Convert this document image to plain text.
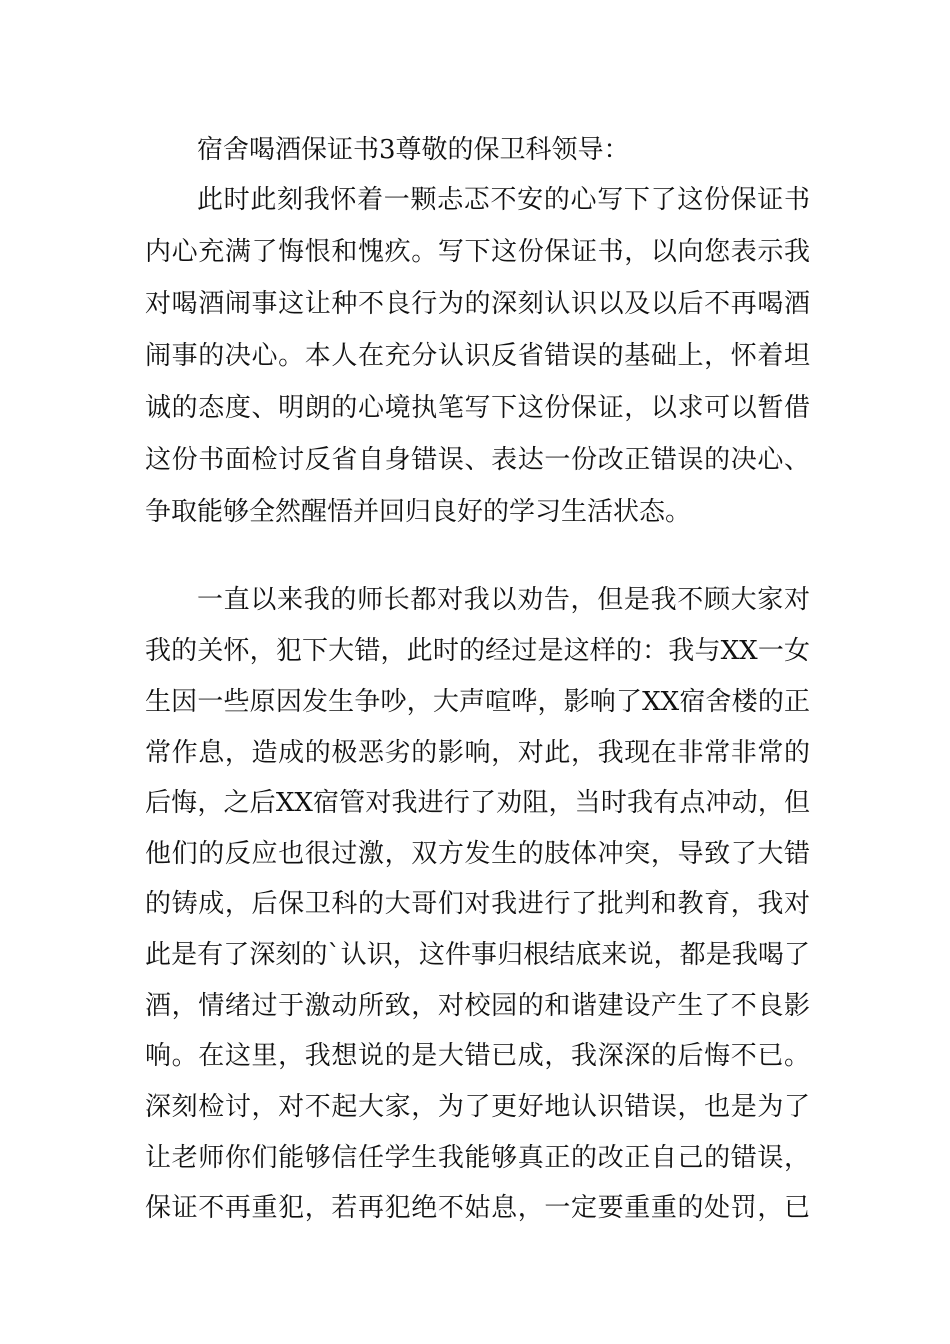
宿舍喝酒保证书3尊敬的保卫科领导：
此时此刻我怀着一颗忐忑不安的心写下了这份保证书
内心充满了悔恨和愧疚。写下这份保证书，以向您表示我
对喝酒闹事这让种不良行为的深刻认识以及以后不再喝酒
闹事的决心。本人在充分认识反省错误的基础上，怀着坦
诚的态度、明朗的心境执笔写下这份保证，以求可以暂借
这份书面检讨反省自身错误、表达一份改正错误的决心、
争取能够全然醒悟并回归良好的学习生活状态。
一直以来我的师长都对我以劝告，但是我不顾大家对
我的关怀，犯下大错，此时的经过是这样的：我与XX一女
生因一些原因发生争吵，大声喧哗，影响了XX宿舍楼的正
常作息，造成的极恶劣的影响，对此，我现在非常非常的
后悔，之后XX宿管对我进行了劝阻，当时我有点冲动，但
他们的反应也很过激，双方发生的肢体冲突，导致了大错
的铸成，后保卫科的大哥们对我进行了批判和教育，我对
此是有了深刻的`认识，这件事归根结底来说，都是我喝了
酒，情绪过于激动所致，对校园的和谐建设产生了不良影
响。在这里，我想说的是大错已成，我深深的后悔不已。
深刻检讨，对不起大家，为了更好地认识错误，也是为了
让老师你们能够信任学生我能够真正的改正自己的错误，
保证不再重犯，若再犯绝不姑息，一定要重重的处罚，已
